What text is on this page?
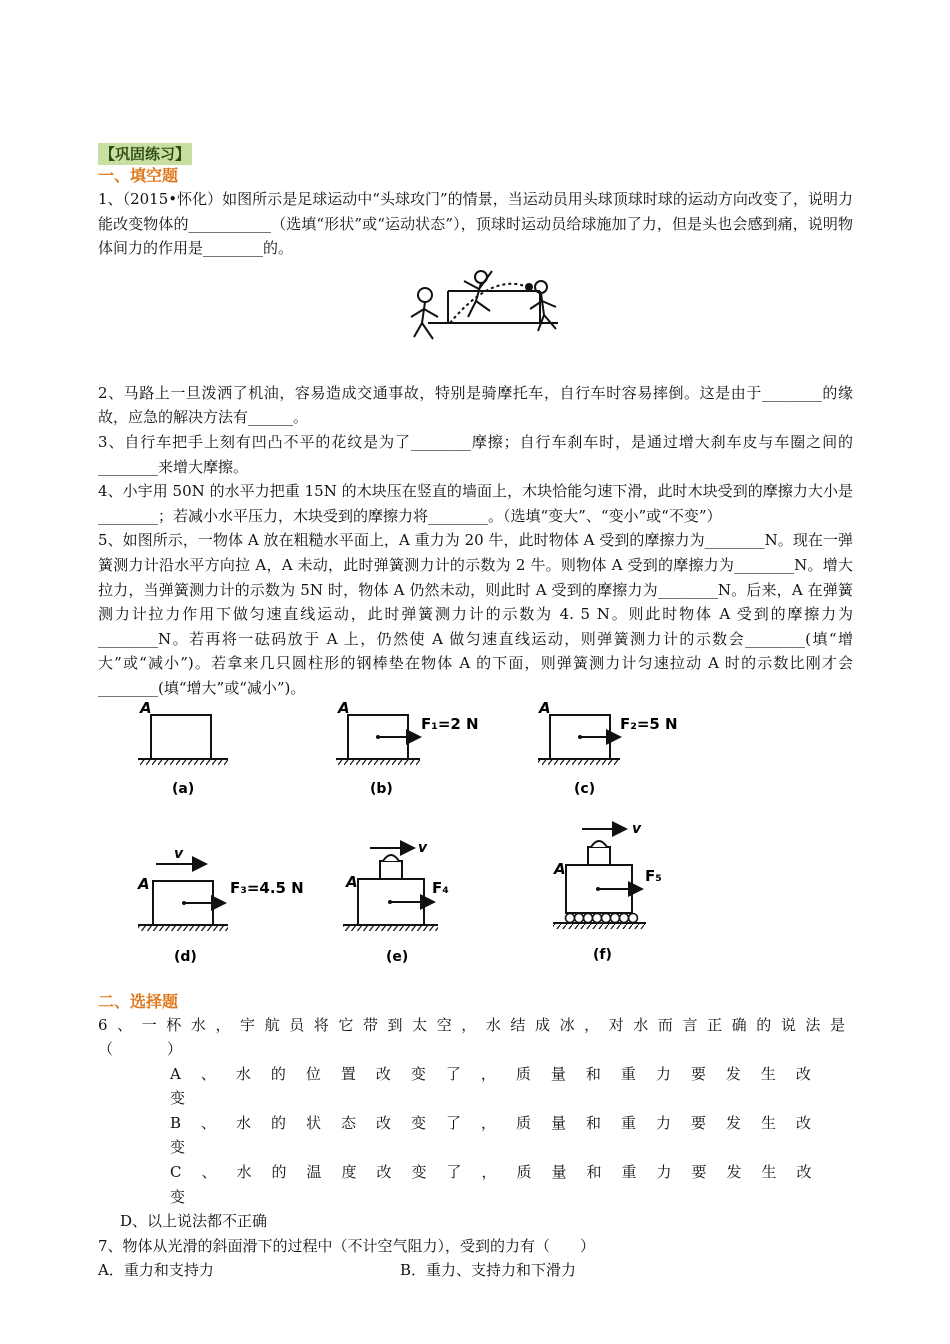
【巩固练习】
一、填空题

1、（2015•怀化）如图所示是足球运动中“头球攻门”的情景，当运动员用头球顶球时球的运动方向改变了，说明力能改变物体的___________（选填“形状”或“运动状态”），顶球时运动员给球施加了力，但是头也会感到痛，说明物体间力的作用是________的。

2、马路上一旦泼洒了机油，容易造成交通事故，特别是骑摩托车，自行车时容易摔倒。这是由于________的缘故，应急的解决方法有______。

3、自行车把手上刻有凹凸不平的花纹是为了________摩擦；自行车刹车时，是通过增大刹车皮与车圈之间的________来增大摩擦。

4、小宇用 50N 的水平力把重 15N 的木块压在竖直的墙面上，木块恰能匀速下滑，此时木块受到的摩擦力大小是________；若减小水平压力，木块受到的摩擦力将________。（选填“变大”、“变小”或“不变”）

5、如图所示，一物体 A 放在粗糙水平面上，A 重力为 20 牛，此时物体 A 受到的摩擦力为________N。现在一弹簧测力计沿水平方向拉 A，A 未动，此时弹簧测力计的示数为 2 牛。则物体 A 受到的摩擦力为________N。增大拉力，当弹簧测力计的示数为 5N 时，物体 A 仍然未动，则此时 A 受到的摩擦力为________N。后来，A 在弹簧测力计拉力作用下做匀速直线运动，此时弹簧测力计的示数为 4. 5 N。则此时物体 A 受到的摩擦力为________N。若再将一砝码放于 A 上，仍然使 A 做匀速直线运动，则弹簧测力计的示数会________(填“增大”或“减小”)。若拿来几只圆柱形的钢棒垫在物体 A 的下面，则弹簧测力计匀速拉动 A 时的示数比刚才会________(填“增大”或“减小”)。

A
(a)
A
F₁=2 N
(b)
A
F₂=5 N
(c)
v
A	F₃=4.5 N
(d)
v
A	F₄
(e)
v
A	F₅
(f)
二、选择题

6、一杯水，宇航员将它带到太空，水结成冰，对水而言正确的说法是（　　）

A、水的位置改变了，质量和重力要发生改变
B、水的状态改变了，质量和重力要发生改变
C、水的温度改变了，质量和重力要发生改变
D、以上说法都不正确

7、物体从光滑的斜面滑下的过程中（不计空气阻力），受到的力有（　　）

A．重力和支持力	B．重力、支持力和下滑力
